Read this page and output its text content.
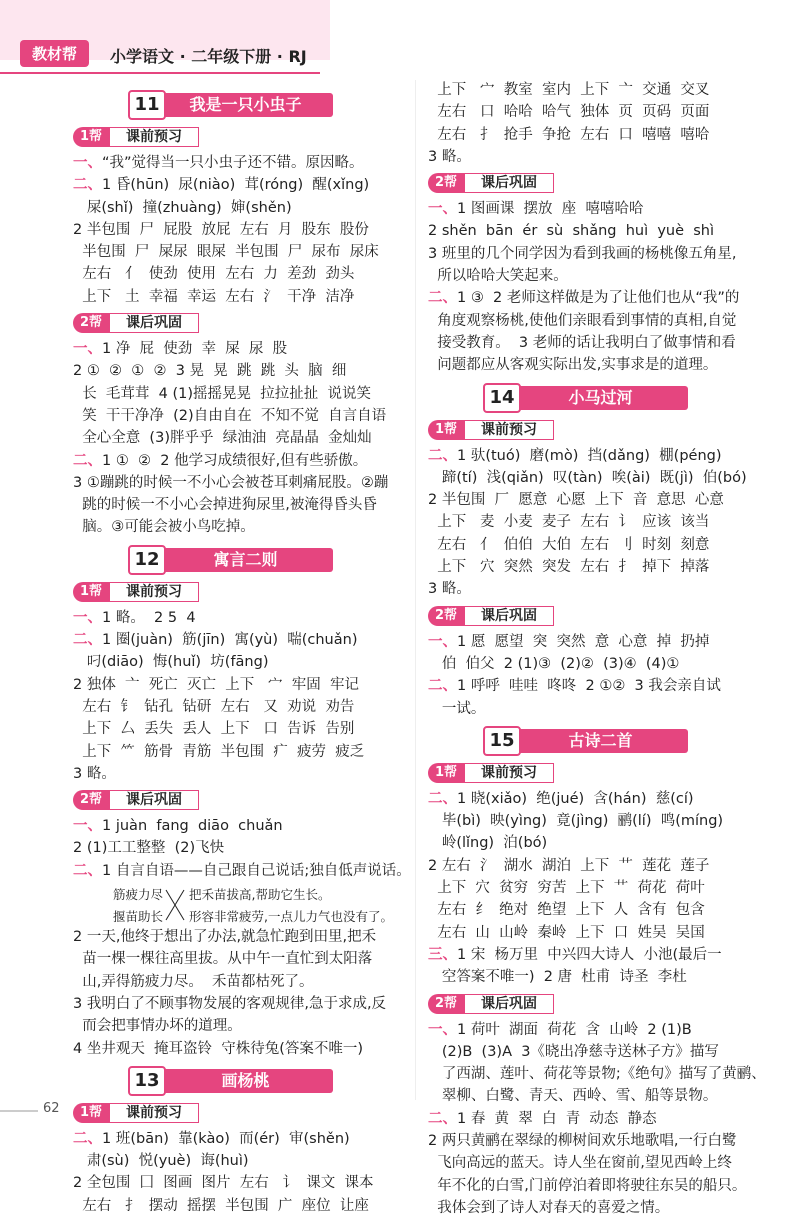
教材帮	小学语文 · 二年级下册 · RJ
11	我是一只小虫子
1帮	课前预习
一、“我”觉得当一只小虫子还不错。原因略。
二、1 昏(hūn)  尿(niào)  茸(róng)  醒(xǐng)
屎(shǐ)  撞(zhuàng)  婶(shěn)
2 半包围  尸  屁股  放屁  左右  月  股东  股份
半包围  尸  屎尿  眼屎  半包围  尸  尿布  尿床
左右   亻  使劲  使用  左右  力  差劲  劲头
上下   土  幸福  幸运  左右  氵  干净  洁净
2帮	课后巩固
一、1 净  屁  使劲  幸  屎  尿  股
2 ①  ②  ①  ②  3 晃  晃  跳  跳  头  脑  细
长  毛茸茸  4 (1)摇摇晃晃  拉拉扯扯  说说笑
笑  干干净净  (2)自由自在  不知不觉  自言自语
全心全意  (3)胖乎乎  绿油油  亮晶晶  金灿灿
二、1 ①  ②  2 他学习成绩很好,但有些骄傲。
3 ①蹦跳的时候一不小心会被苍耳刺痛屁股。②蹦
跳的时候一不小心会掉进狗尿里,被淹得昏头昏
脑。③可能会被小鸟吃掉。
12	寓言二则
1帮	课前预习
一、1 略。  2 5  4
二、1 圈(juàn)  筋(jīn)  寓(yù)  喘(chuǎn)
叼(diāo)  悔(huǐ)  坊(fāng)
2 独体  亠  死亡  灭亡  上下   宀  牢固  牢记
左右  钅  钻孔  钻研  左右   又  劝说  劝告
上下  厶  丢失  丢人  上下   口  告诉  告别
上下  ⺮  筋骨  青筋  半包围  疒  疲劳  疲乏
3 略。
2帮	课后巩固
一、1 juàn  fang  diāo  chuǎn
2 (1)工工整整  (2)飞快
二、1 自言自语——自己跟自己说话;独自低声说话。
筋疲力尽
揠苗助长
把禾苗拔高,帮助它生长。
形容非常疲劳,一点儿力气也没有了。
2 一天,他终于想出了办法,就急忙跑到田里,把禾
苗一棵一棵往高里拔。从中午一直忙到太阳落
山,弄得筋疲力尽。  禾苗都枯死了。
3 我明白了不顾事物发展的客观规律,急于求成,反
而会把事情办坏的道理。
4 坐井观天  掩耳盗铃  守株待兔(答案不唯一)
13	画杨桃
1帮	课前预习
二、1 班(bān)  靠(kào)  而(ér)  审(shěn)
肃(sù)  悦(yuè)  诲(huì)
2 全包围  囗  图画  图片  左右   讠  课文  课本
左右   扌  摆动  摇摆  半包围  广  座位  让座
上下   宀  教室  室内  上下  亠  交通  交叉
左右   口  哈哈  哈气  独体  页  页码  页面
左右   扌  抢手  争抢  左右  口  嘻嘻  嘻哈
3 略。
2帮	课后巩固
一、1 图画课  摆放  座  嘻嘻哈哈
2 shěn  bān  ér  sù  shǎng  huì  yuè  shì
3 班里的几个同学因为看到我画的杨桃像五角星,
所以哈哈大笑起来。
二、1 ③  2 老师这样做是为了让他们也从“我”的
角度观察杨桃,使他们亲眼看到事情的真相,自觉
接受教育。  3 老师的话让我明白了做事情和看
问题都应从客观实际出发,实事求是的道理。
14	小马过河
1帮	课前预习
二、1 驮(tuó)  磨(mò)  挡(dǎng)  棚(péng)
蹄(tí)  浅(qiǎn)  叹(tàn)  唉(ài)  既(jì)  伯(bó)
2 半包围  厂  愿意  心愿  上下  音  意思  心意
上下   麦  小麦  麦子  左右  讠  应该  该当
左右   亻  伯伯  大伯  左右  刂  时刻  刻意
上下   穴  突然  突发  左右  扌  掉下  掉落
3 略。
2帮	课后巩固
一、1 愿  愿望  突  突然  意  心意  掉  扔掉
伯  伯父  2 (1)③  (2)②  (3)④  (4)①
二、1 呼呼  哇哇  咚咚  2 ①②  3 我会亲自试
一试。
15	古诗二首
1帮	课前预习
二、1 晓(xiǎo)  绝(jué)  含(hán)  慈(cí)
毕(bì)  映(yìng)  竟(jìng)  鹂(lí)  鸣(míng)
岭(lǐng)  泊(bó)
2 左右  氵  湖水  湖泊  上下  艹  莲花  莲子
上下  穴  贫穷  穷苦  上下  艹  荷花  荷叶
左右  纟  绝对  绝望  上下  人  含有  包含
左右  山  山岭  秦岭  上下  口  姓吴  吴国
三、1 宋  杨万里  中兴四大诗人  小池(最后一
空答案不唯一)  2 唐  杜甫  诗圣  李杜
2帮	课后巩固
一、1 荷叶  湖面  荷花  含  山岭  2 (1)B
(2)B  (3)A  3《晓出净慈寺送林子方》描写
了西湖、莲叶、荷花等景物;《绝句》描写了黄鹂、
翠柳、白鹭、青天、西岭、雪、船等景物。
二、1 春  黄  翠  白  青  动态  静态
2 两只黄鹂在翠绿的柳树间欢乐地歌唱,一行白鹭
飞向高远的蓝天。诗人坐在窗前,望见西岭上终
年不化的白雪,门前停泊着即将驶往东吴的船只。
我体会到了诗人对春天的喜爱之情。
62
